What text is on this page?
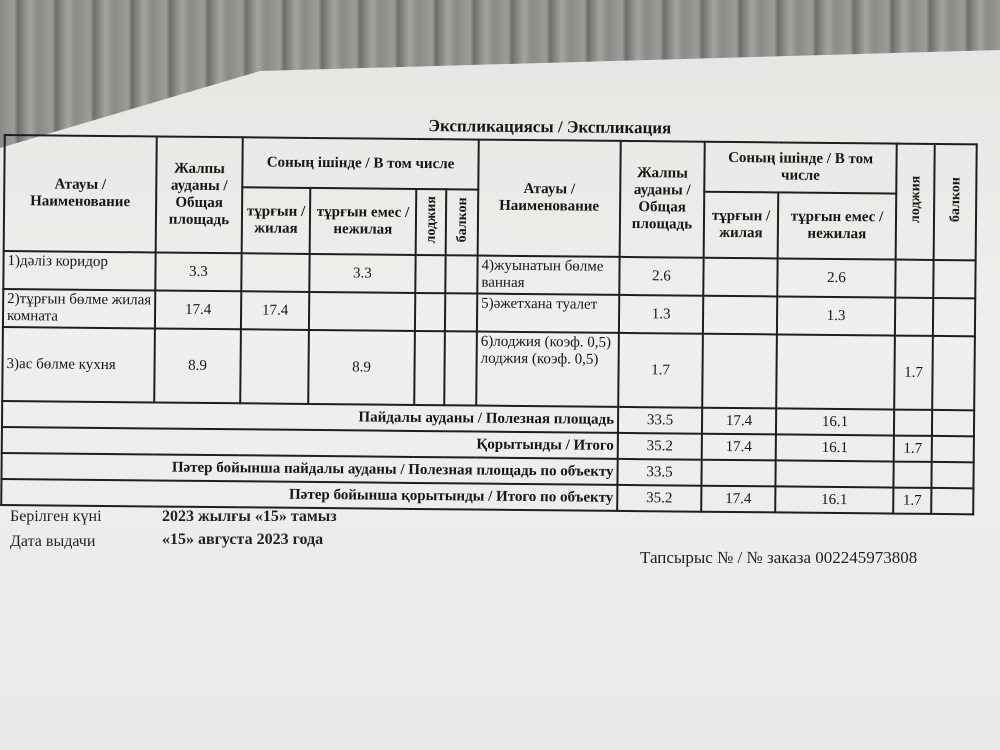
Экспликациясы / Экспликация
Атауы / Наименование	Жалпы ауданы / Общая площадь	Соның ішінде / В том числе				Атауы / Наименование	Жалпы ауданы / Общая площадь	Соның ішінде / В том числе		лоджия	балкон
		тұрғын / жилая	тұрғын емес / нежилая	лоджия	балкон			тұрғын / жилая	тұрғын емес / нежилая		
1)дәліз коридор	3.3		3.3			4)жуынатын бөлме ванная	2.6		2.6		
2)тұрғын бөлме жилая комната	17.4	17.4				5)әжетхана туалет	1.3		1.3		
3)ас бөлме кухня	8.9		8.9			6)лоджия (коэф. 0,5) лоджия (коэф. 0,5)	1.7			1.7	
Пайдалы ауданы / Полезная площадь							33.5	17.4	16.1		
Қорытынды / Итого							35.2	17.4	16.1	1.7	
Пәтер бойынша пайдалы ауданы / Полезная площадь по объекту							33.5				
Пәтер бойынша қорытынды / Итого по объекту							35.2	17.4	16.1	1.7	
Берілген күні	2023 жылғы «15» тамыз
Дата выдачи	«15» августа 2023 года
Тапсырыс № / № заказа 002245973808
